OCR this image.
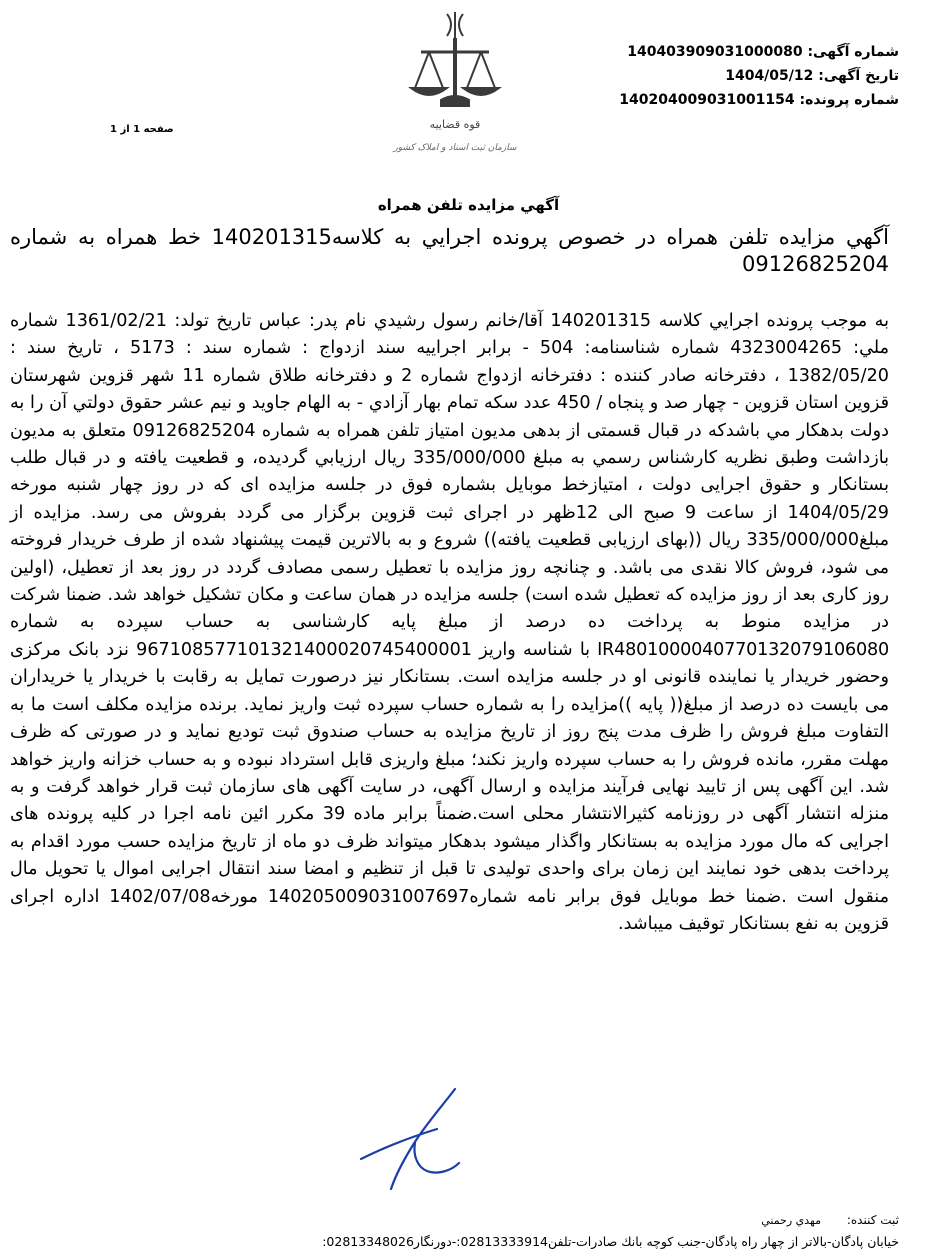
شماره آگهی: 14040390903100008​0
تاریخ آگهی: 1404/05/12
شماره پرونده: 140204009031001154
قوه قضاییه
سازمان ثبت اسناد و املاک کشور
صفحه 1 از 1
آگهي مزايده تلفن همراه
آگهي مزايده تلفن همراه در خصوص پرونده اجرايي به كلاسه140201315 خط همراه به شماره 09126825204
به موجب پرونده اجرايي كلاسه 140201315 آقا/خانم رسول رشيدي نام پدر: عباس تاريخ تولد: 1361/02/21 شماره ملي: 4323004265 شماره شناسنامه: 504 - برابر اجراييه سند ازدواج : شماره سند : 5173 ، تاريخ سند : 1382/05/20 ، دفترخانه صادر كننده : دفترخانه ازدواج شماره 2 و دفترخانه طلاق شماره 11 شهر قزوين شهرستان قزوين استان قزوين - چهار صد و پنجاه / 450 عدد سكه تمام بهار آزادي - به الهام جاويد و نيم عشر حقوق دولتي آن را به دولت بدهكار مي باشدكه در قبال قسمتی از بدهی مديون امتياز تلفن همراه به شماره 09126825204 متعلق به مديون بازداشت وطبق نظريه كارشناس رسمي به مبلغ 335/000/000 ريال ارزيابي گرديده، و قطعيت يافته و در قبال طلب بستانكار و حقوق اجرايی دولت ، امتيازخط موبايل بشماره فوق در جلسه مزايده ای كه در روز چهار شنبه مورخه 1404/05/29 از ساعت 9 صبح الی 12ظهر در اجرای ثبت قزوين برگزار می گردد بفروش می رسد. مزايده از مبلغ335/000/000 ريال ((بهای ارزيابی قطعيت يافته)) شروع و به بالاترين قيمت پيشنهاد شده از طرف خريدار فروخته می شود، فروش كالا نقدی می باشد. و چنانچه روز مزايده با تعطيل رسمی مصادف گردد در روز بعد از تعطيل، (اولين روز كاری بعد از روز مزايده كه تعطيل شده است) جلسه مزايده در همان ساعت و مكان تشكيل خواهد شد. ضمنا شركت در مزايده منوط به پرداخت ده درصد از مبلغ پايه كارشناسی به حساب سپرده به شماره IR480100004077013207910608​0 با شناسه واريز 967108577101321400020745400001 نزد بانک مرکزی وحضور خريدار يا نماينده قانونی او در جلسه مزايده است. بستانكار نيز درصورت تمايل به رقابت با خريدار يا خريداران می بايست ده درصد از مبلغ(( پايه ))مزايده را به شماره حساب سپرده ثبت واريز نمايد. برنده مزايده مكلف است ما به التفاوت مبلغ فروش را ظرف مدت پنج روز از تاريخ مزايده به حساب صندوق ثبت توديع نمايد و در صورتی كه ظرف مهلت مقرر، مانده فروش را به حساب سپرده واريز نكند؛ مبلغ واريزی قابل استرداد نبوده و به حساب خزانه واريز خواهد شد. اين آگهی پس از تاييد نهايی فرآيند مزايده و ارسال آگهی، در سايت آگهی های سازمان ثبت قرار خواهد گرفت و به منزله انتشار آگهی در روزنامه كثيرالانتشار محلی است.ضمناً برابر ماده 39 مكرر ائين نامه اجرا در كليه پرونده های اجرايی كه مال مورد مزايده به بستانكار واگذار ميشود بدهكار ميتواند ظرف دو ماه از تاريخ مزايده حسب مورد اقدام به پرداخت بدهی خود نمايند اين زمان برای واحدی توليدی تا قبل از تنظيم و امضا سند انتقال اجرايی اموال يا تحويل مال منقول است .ضمنا خط موبايل فوق برابر نامه شماره140205009031007697 مورخه1402/07/08 اداره اجرای قزوين به نفع بستانكار توقيف ميباشد.
ثبت کننده: مهدي رحمني
خيابان پادگان-بالاتر از چهار راه پادگان-جنب كوچه بانك صادرات-تلفن02813333914:-دورنگار02813348026:
